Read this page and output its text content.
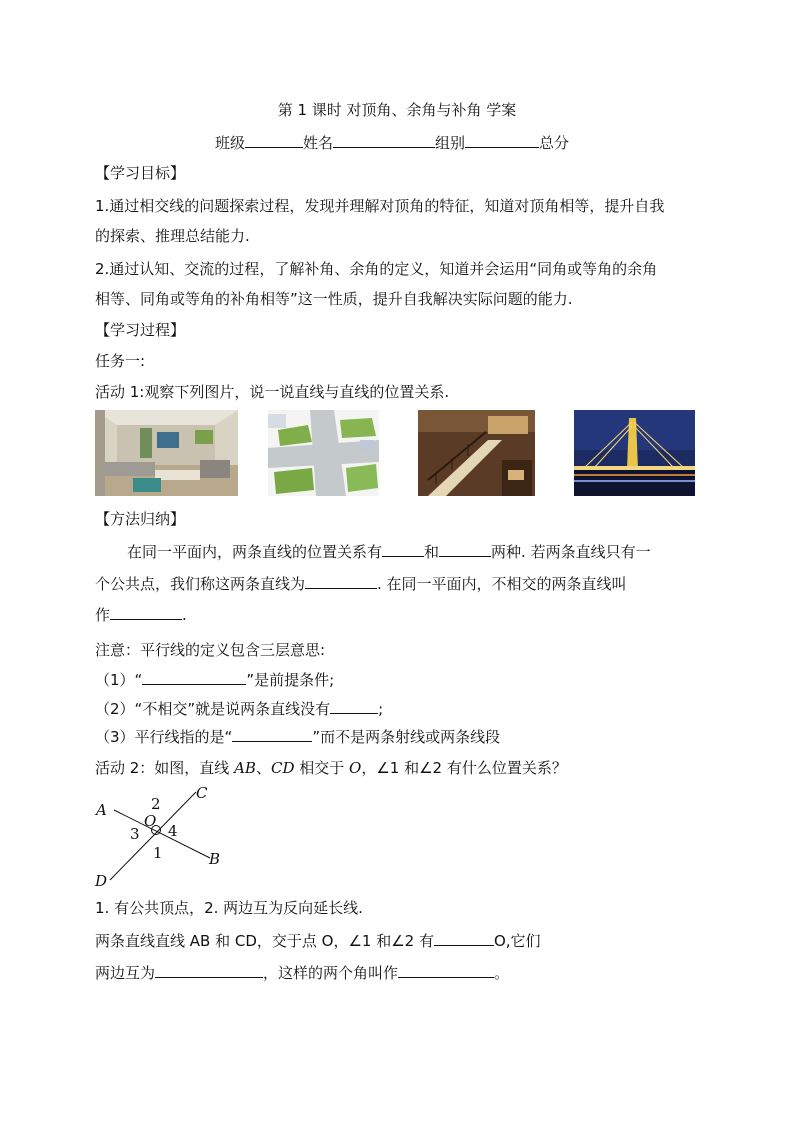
第 1 课时 对顶角、余角与补角 学案
班级	姓名	组别	总分
【学习目标】
1.通过相交线的问题探索过程，发现并理解对顶角的特征，知道对顶角相等，提升自我
的探索、推理总结能力.
2.通过认知、交流的过程，了解补角、余角的定义，知道并会运用“同角或等角的余角
相等、同角或等角的补角相等”这一性质，提升自我解决实际问题的能力.
【学习过程】
任务一:
活动 1:观察下列图片，说一说直线与直线的位置关系.
【方法归纳】
在同一平面内，两条直线的位置关系有	和	两种. 若两条直线只有一
个公共点，我们称这两条直线为	. 在同一平面内，不相交的两条直线叫
作	.
注意：平行线的定义包含三层意思:
（1）“	”是前提条件;
（2）“不相交”就是说两条直线没有	;
（3）平行线指的是“	”而不是两条射线或两条线段
活动 2：如图，直线 AB、CD 相交于 O，∠1 和∠2 有什么位置关系？
A
B
C
D
O
2
3 4
1
1. 有公共顶点，2. 两边互为反向延长线.
两条直线直线 AB 和 CD，交于点 O，∠1 和∠2 有	O,它们
两边互为	，这样的两个角叫作	。
